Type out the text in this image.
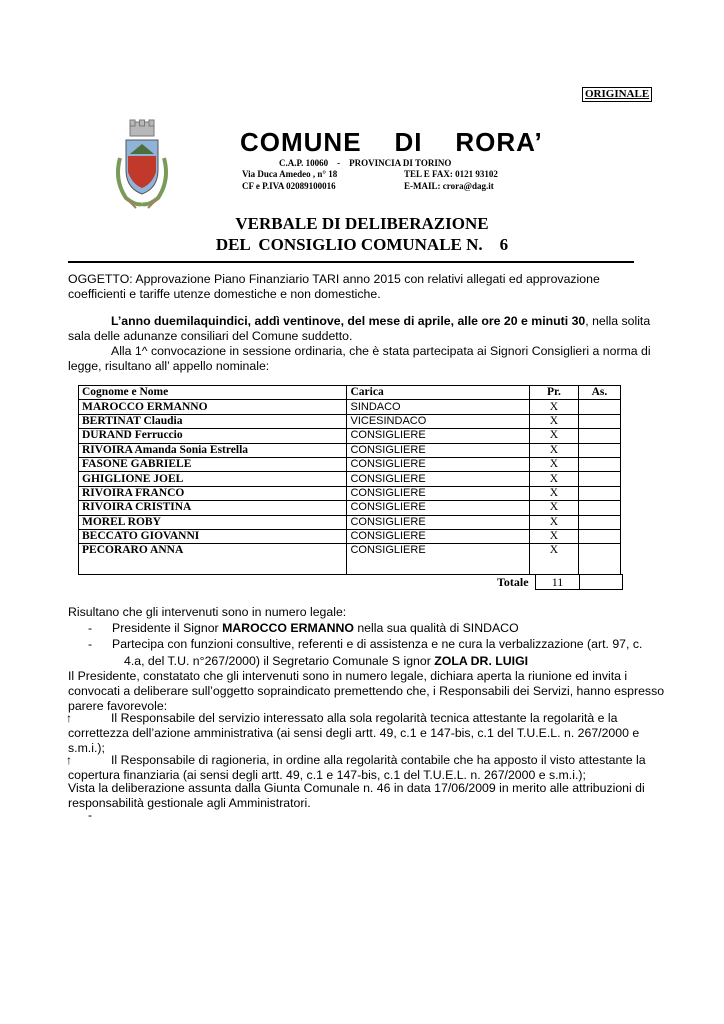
ORIGINALE
COMUNE    DI    RORA’
C.A.P. 10060    -    PROVINCIA DI TORINO
Via Duca Amedeo , n° 18
CF e P.IVA 02089100016
TEL E FAX: 0121 93102
E-MAIL: crora@dag.it
VERBALE DI DELIBERAZIONE
DEL  CONSIGLIO COMUNALE N.    6
OGGETTO: Approvazione Piano Finanziario TARI anno 2015 con relativi allegati ed approvazione coefficienti e tariffe utenze domestiche e non domestiche.
L’anno duemilaquindici, addì ventinove, del mese di aprile, alle ore 20 e minuti 30, nella solita sala delle adunanze consiliari del Comune suddetto.
Alla 1^ convocazione in sessione ordinaria, che è stata partecipata ai Signori Consiglieri a norma di legge, risultano all’ appello nominale:
Cognome e Nome	Carica	Pr.	As.
MAROCCO ERMANNO	SINDACO	X	
BERTINAT Claudia	VICESINDACO	X	
DURAND Ferruccio	CONSIGLIERE	X	
RIVOIRA Amanda Sonia Estrella	CONSIGLIERE	X	
FASONE GABRIELE	CONSIGLIERE	X	
GHIGLIONE JOEL	CONSIGLIERE	X	
RIVOIRA FRANCO	CONSIGLIERE	X	
RIVOIRA CRISTINA	CONSIGLIERE	X	
MOREL ROBY	CONSIGLIERE	X	
BECCATO GIOVANNI	CONSIGLIERE	X	
PECORARO ANNA	CONSIGLIERE	X	
Totale	11
Risultano che gli intervenuti sono in numero legale:
- Presidente il Signor MAROCCO ERMANNO nella sua qualità di SINDACO
- Partecipa con funzioni consultive, referenti e di assistenza e ne cura la verbalizzazione (art. 97, c.
4.a, del T.U. n°267/2000) il Segretario Comunale S ignor ZOLA DR. LUIGI
Il Presidente, constatato che gli intervenuti sono in numero legale, dichiara aperta la riunione ed invita i convocati a deliberare sull’oggetto sopraindicato premettendo che, i Responsabili dei Servizi, hanno espresso parere favorevole:
↑	Il Responsabile del servizio interessato alla sola regolarità tecnica attestante la regolarità e la correttezza dell’azione amministrativa (ai sensi degli artt. 49, c.1 e 147-bis, c.1 del T.U.E.L. n. 267/2000 e s.m.i.);
↑	Il Responsabile di ragioneria, in ordine alla regolarità contabile che ha apposto il visto attestante la copertura finanziaria (ai sensi degli artt. 49, c.1 e 147-bis, c.1 del T.U.E.L. n. 267/2000 e s.m.i.);
Vista la deliberazione assunta dalla Giunta Comunale n. 46 in data 17/06/2009 in merito alle attribuzioni di responsabilità gestionale agli Amministratori.
-
